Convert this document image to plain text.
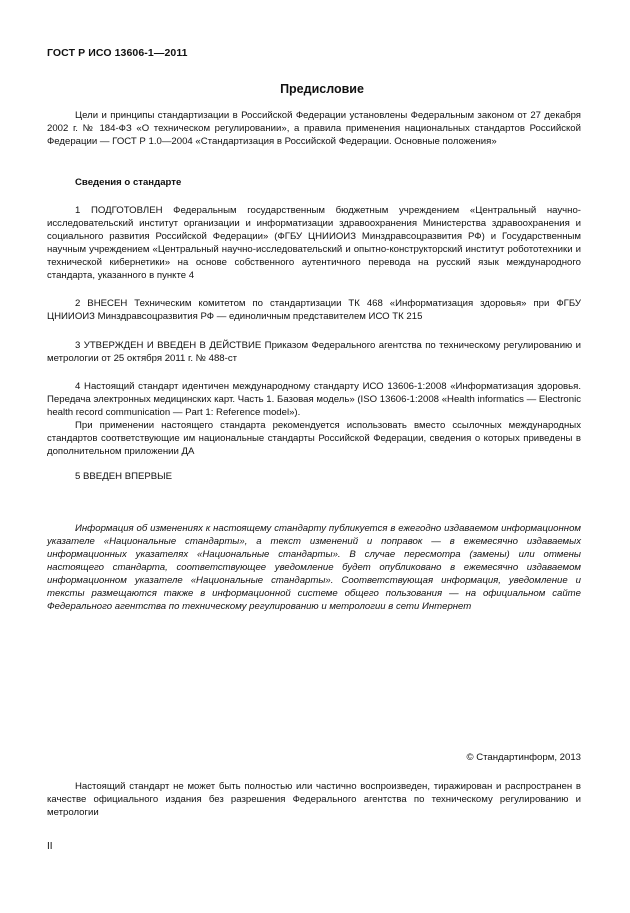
ГОСТ Р ИСО 13606-1—2011
Предисловие
Цели и принципы стандартизации в Российской Федерации установлены Федеральным законом от 27 декабря 2002 г. № 184-ФЗ «О техническом регулировании», а правила применения национальных стандартов Российской Федерации — ГОСТ Р 1.0—2004 «Стандартизация в Российской Федерации. Основные положения»
Сведения о стандарте
1 ПОДГОТОВЛЕН Федеральным государственным бюджетным учреждением «Центральный научно-исследовательский институт организации и информатизации здравоохранения Министерства здравоохранения и социального развития Российской Федерации» (ФГБУ ЦНИИОИЗ Минздравсоцразвития РФ) и Государственным научным учреждением «Центральный научно-исследовательский и опытно-конструкторский институт робототехники и технической кибернетики» на основе собственного аутентичного перевода на русский язык международного стандарта, указанного в пункте 4
2 ВНЕСЕН Техническим комитетом по стандартизации ТК 468 «Информатизация здоровья» при ФГБУ ЦНИИОИЗ Минздравсоцразвития РФ — единоличным представителем ИСО ТК 215
3 УТВЕРЖДЕН И ВВЕДЕН В ДЕЙСТВИЕ Приказом Федерального агентства по техническому регулированию и метрологии от 25 октября 2011 г. № 488-ст

4 Настоящий стандарт идентичен международному стандарту ИСО 13606-1:2008 «Информатизация здоровья. Передача электронных медицинских карт. Часть 1. Базовая модель» (ISO 13606-1:2008 «Health informatics — Electronic health record communication — Part 1: Reference model»).

При применении настоящего стандарта рекомендуется использовать вместо ссылочных международных стандартов соответствующие им национальные стандарты Российской Федерации, сведения о которых приведены в дополнительном приложении ДА

5 ВВЕДЕН ВПЕРВЫЕ
Информация об изменениях к настоящему стандарту публикуется в ежегодно издаваемом информационном указателе «Национальные стандарты», а текст изменений и поправок — в ежемесячно издаваемых информационных указателях «Национальные стандарты». В случае пересмотра (замены) или отмены настоящего стандарта, соответствующее уведомление будет опубликовано в ежемесячно издаваемом информационном указателе «Национальные стандарты». Соответствующая информация, уведомление и тексты размещаются также в информационной системе общего пользования — на официальном сайте Федерального агентства по техническому регулированию и метрологии в сети Интернет
© Стандартинформ, 2013
Настоящий стандарт не может быть полностью или частично воспроизведен, тиражирован и распространен в качестве официального издания без разрешения Федерального агентства по техническому регулированию и метрологии
II
